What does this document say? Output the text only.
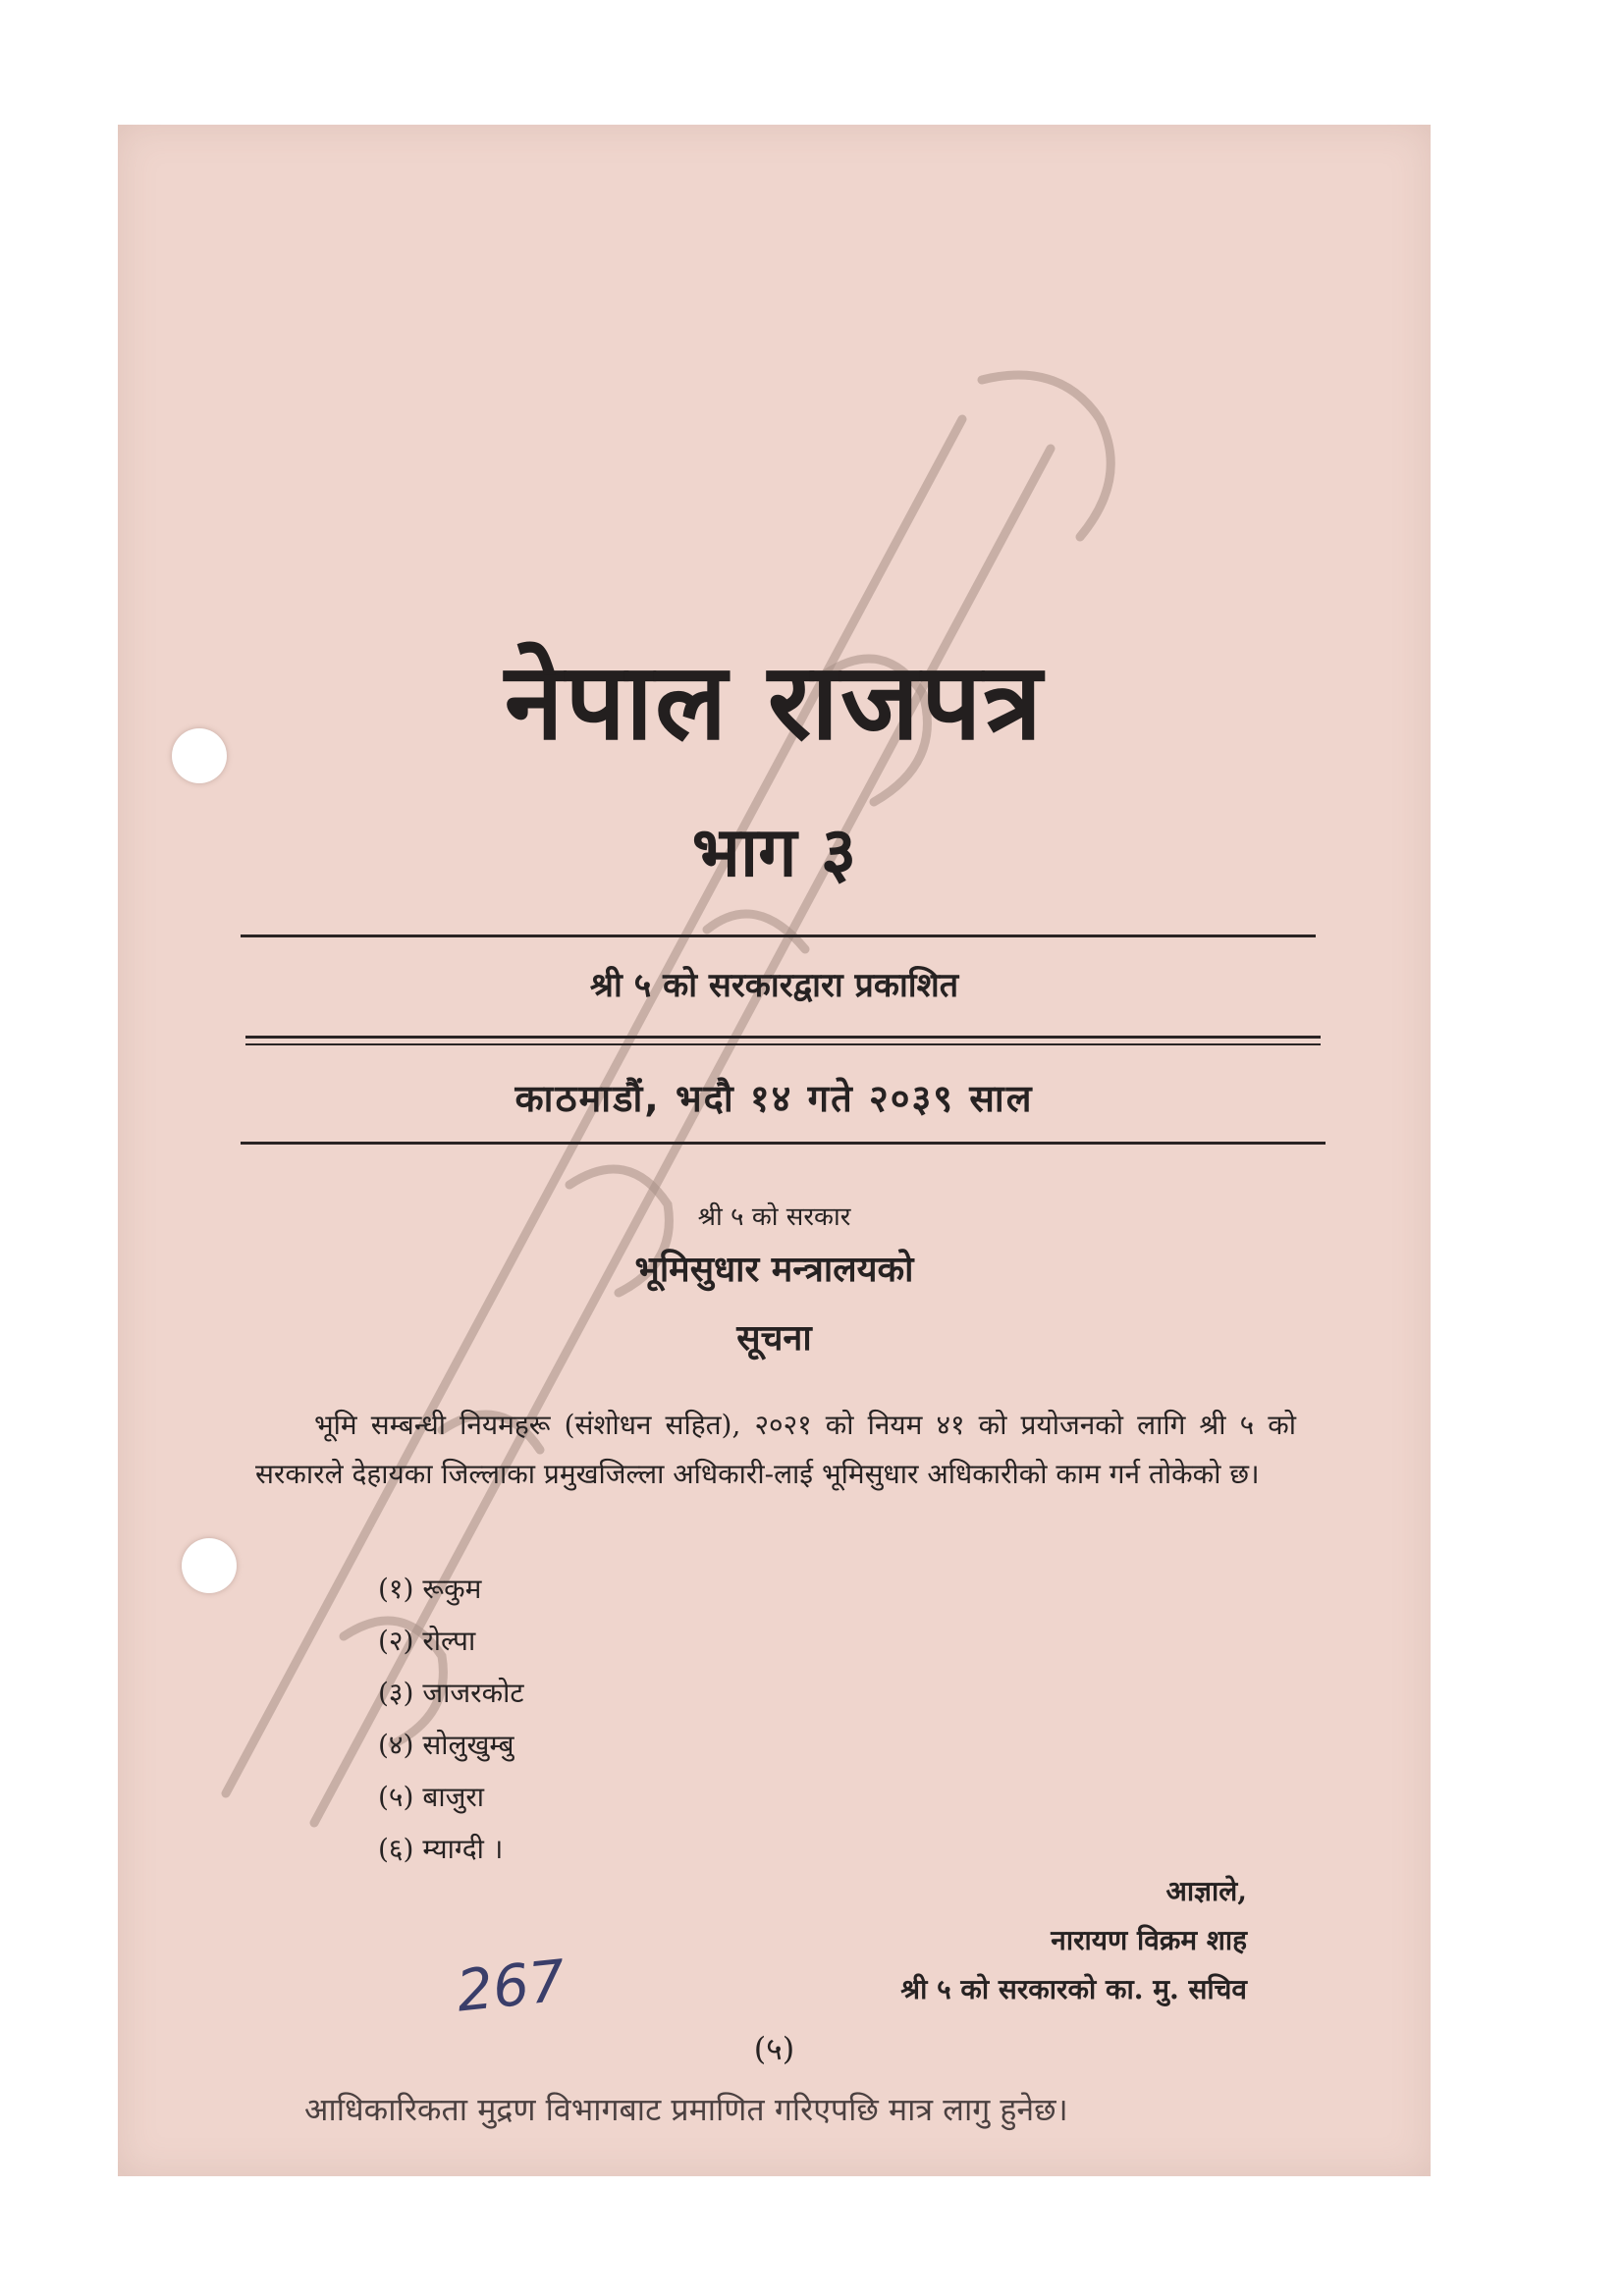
नेपाल राजपत्र
भाग ३
श्री ५ को सरकारद्वारा प्रकाशित
काठमाडौं, भदौ १४ गते २०३९ साल
श्री ५ को सरकार
भूमिसुधार मन्त्रालयको
सूचना
भूमि सम्बन्धी नियमहरू (संशोधन सहित), २०२१ को नियम ४१ को प्रयोजनको लागि श्री ५ को सरकारले देहायका जिल्लाका प्रमुखजिल्ला अधिकारी-लाई भूमिसुधार अधिकारीको काम गर्न तोकेको छ।
(१) रूकुम
(२) रोल्पा
(३) जाजरकोट
(४) सोलुखुम्बु
(५) बाजुरा
(६) म्याग्दी ।
आज्ञाले,
नारायण विक्रम शाह
श्री ५ को सरकारको का. मु. सचिव
267
(५)
आधिकारिकता मुद्रण विभागबाट प्रमाणित गरिएपछि मात्र लागु हुनेछ।
